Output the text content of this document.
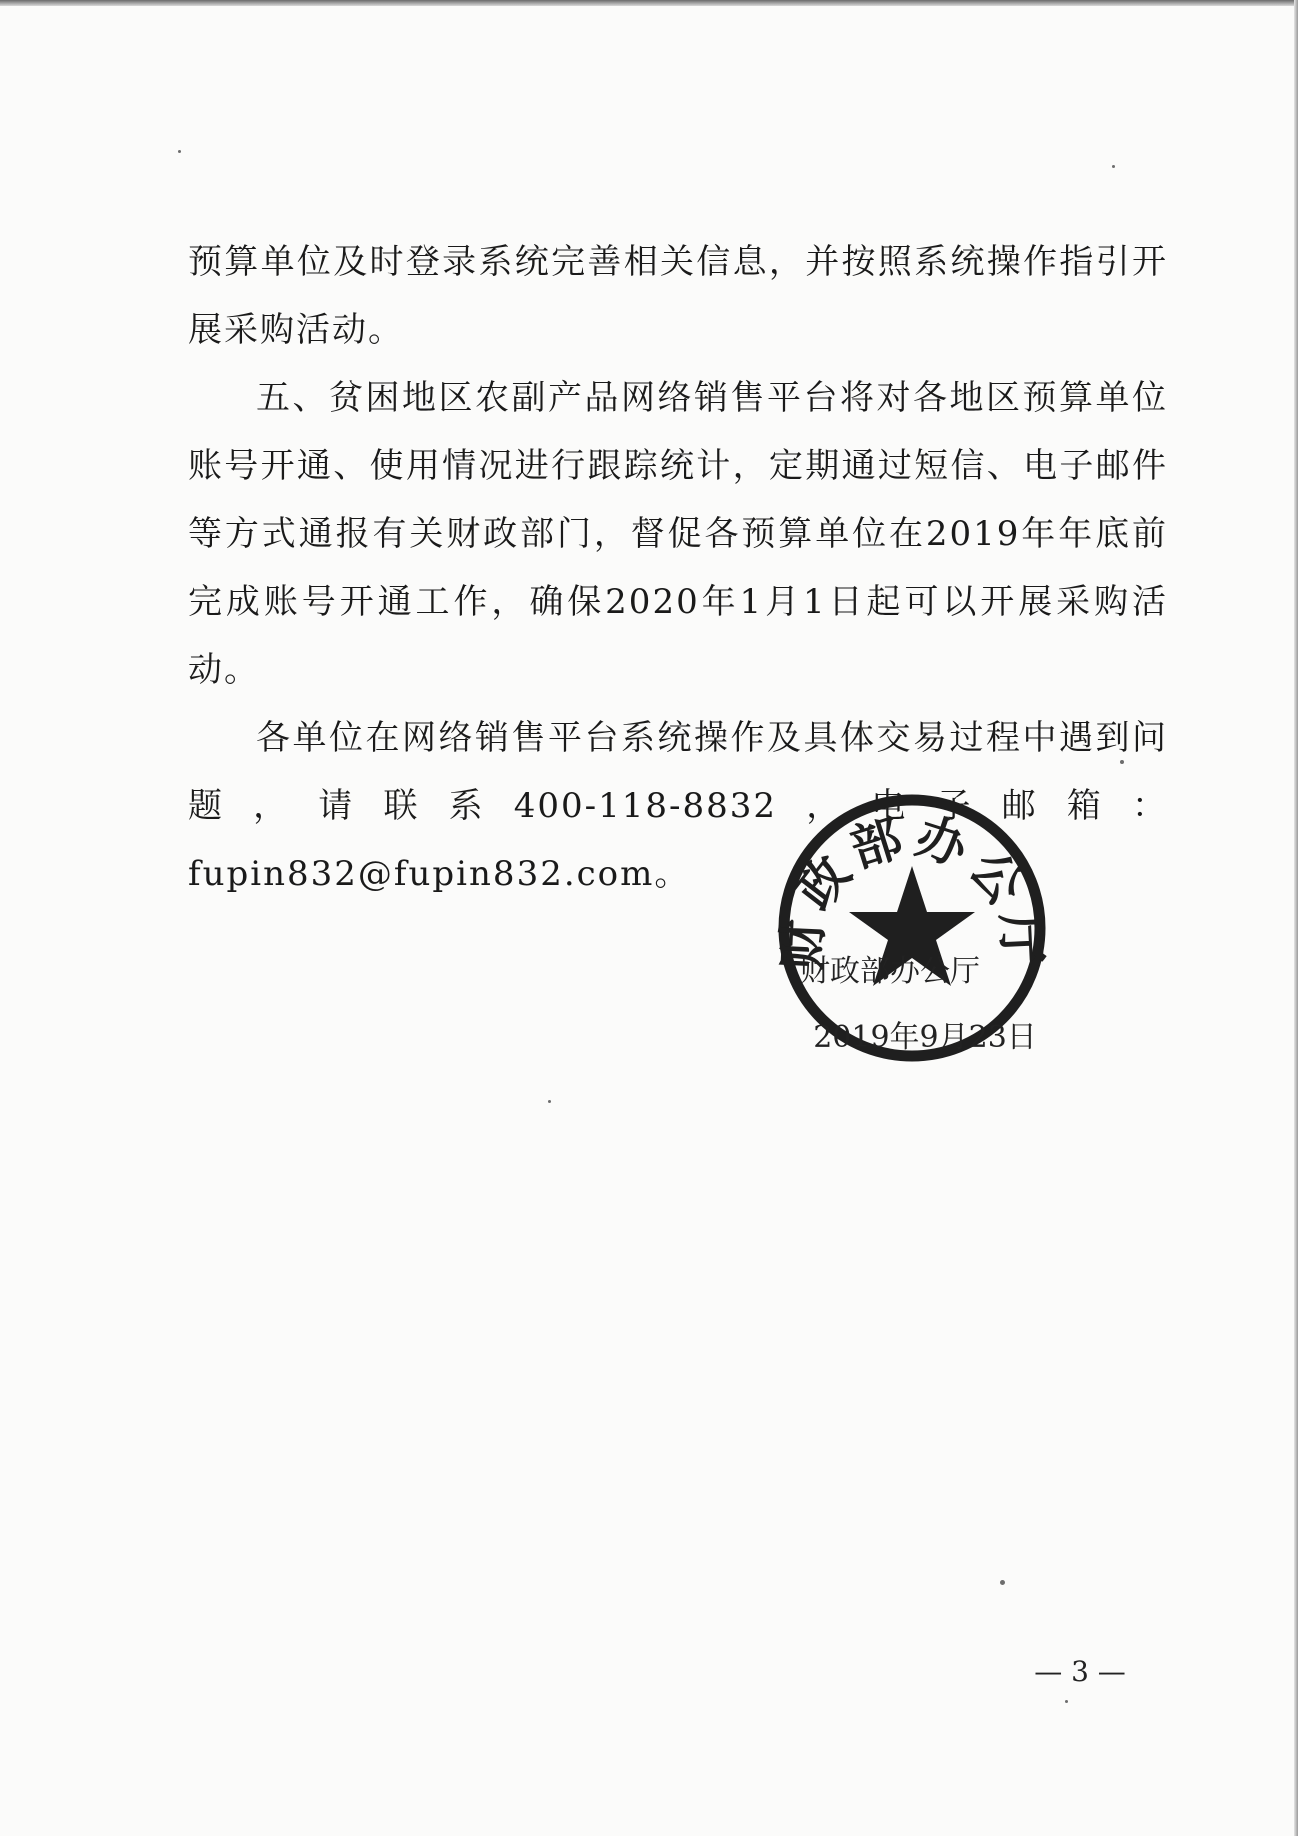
预算单位及时登录系统完善相关信息，并按照系统操作指引开展采购活动。

五、贫困地区农副产品网络销售平台将对各地区预算单位账号开通、使用情况进行跟踪统计，定期通过短信、电子邮件等方式通报有关财政部门，督促各预算单位在2019年年底前完成账号开通工作，确保2020年1月1日起可以开展采购活动。

各单位在网络销售平台系统操作及具体交易过程中遇到问题，请联系400-118-8832，电子邮箱：fupin832@fupin832.com。

财政部办公厅
财政部办公厅
2019年9月23日
— 3 —
